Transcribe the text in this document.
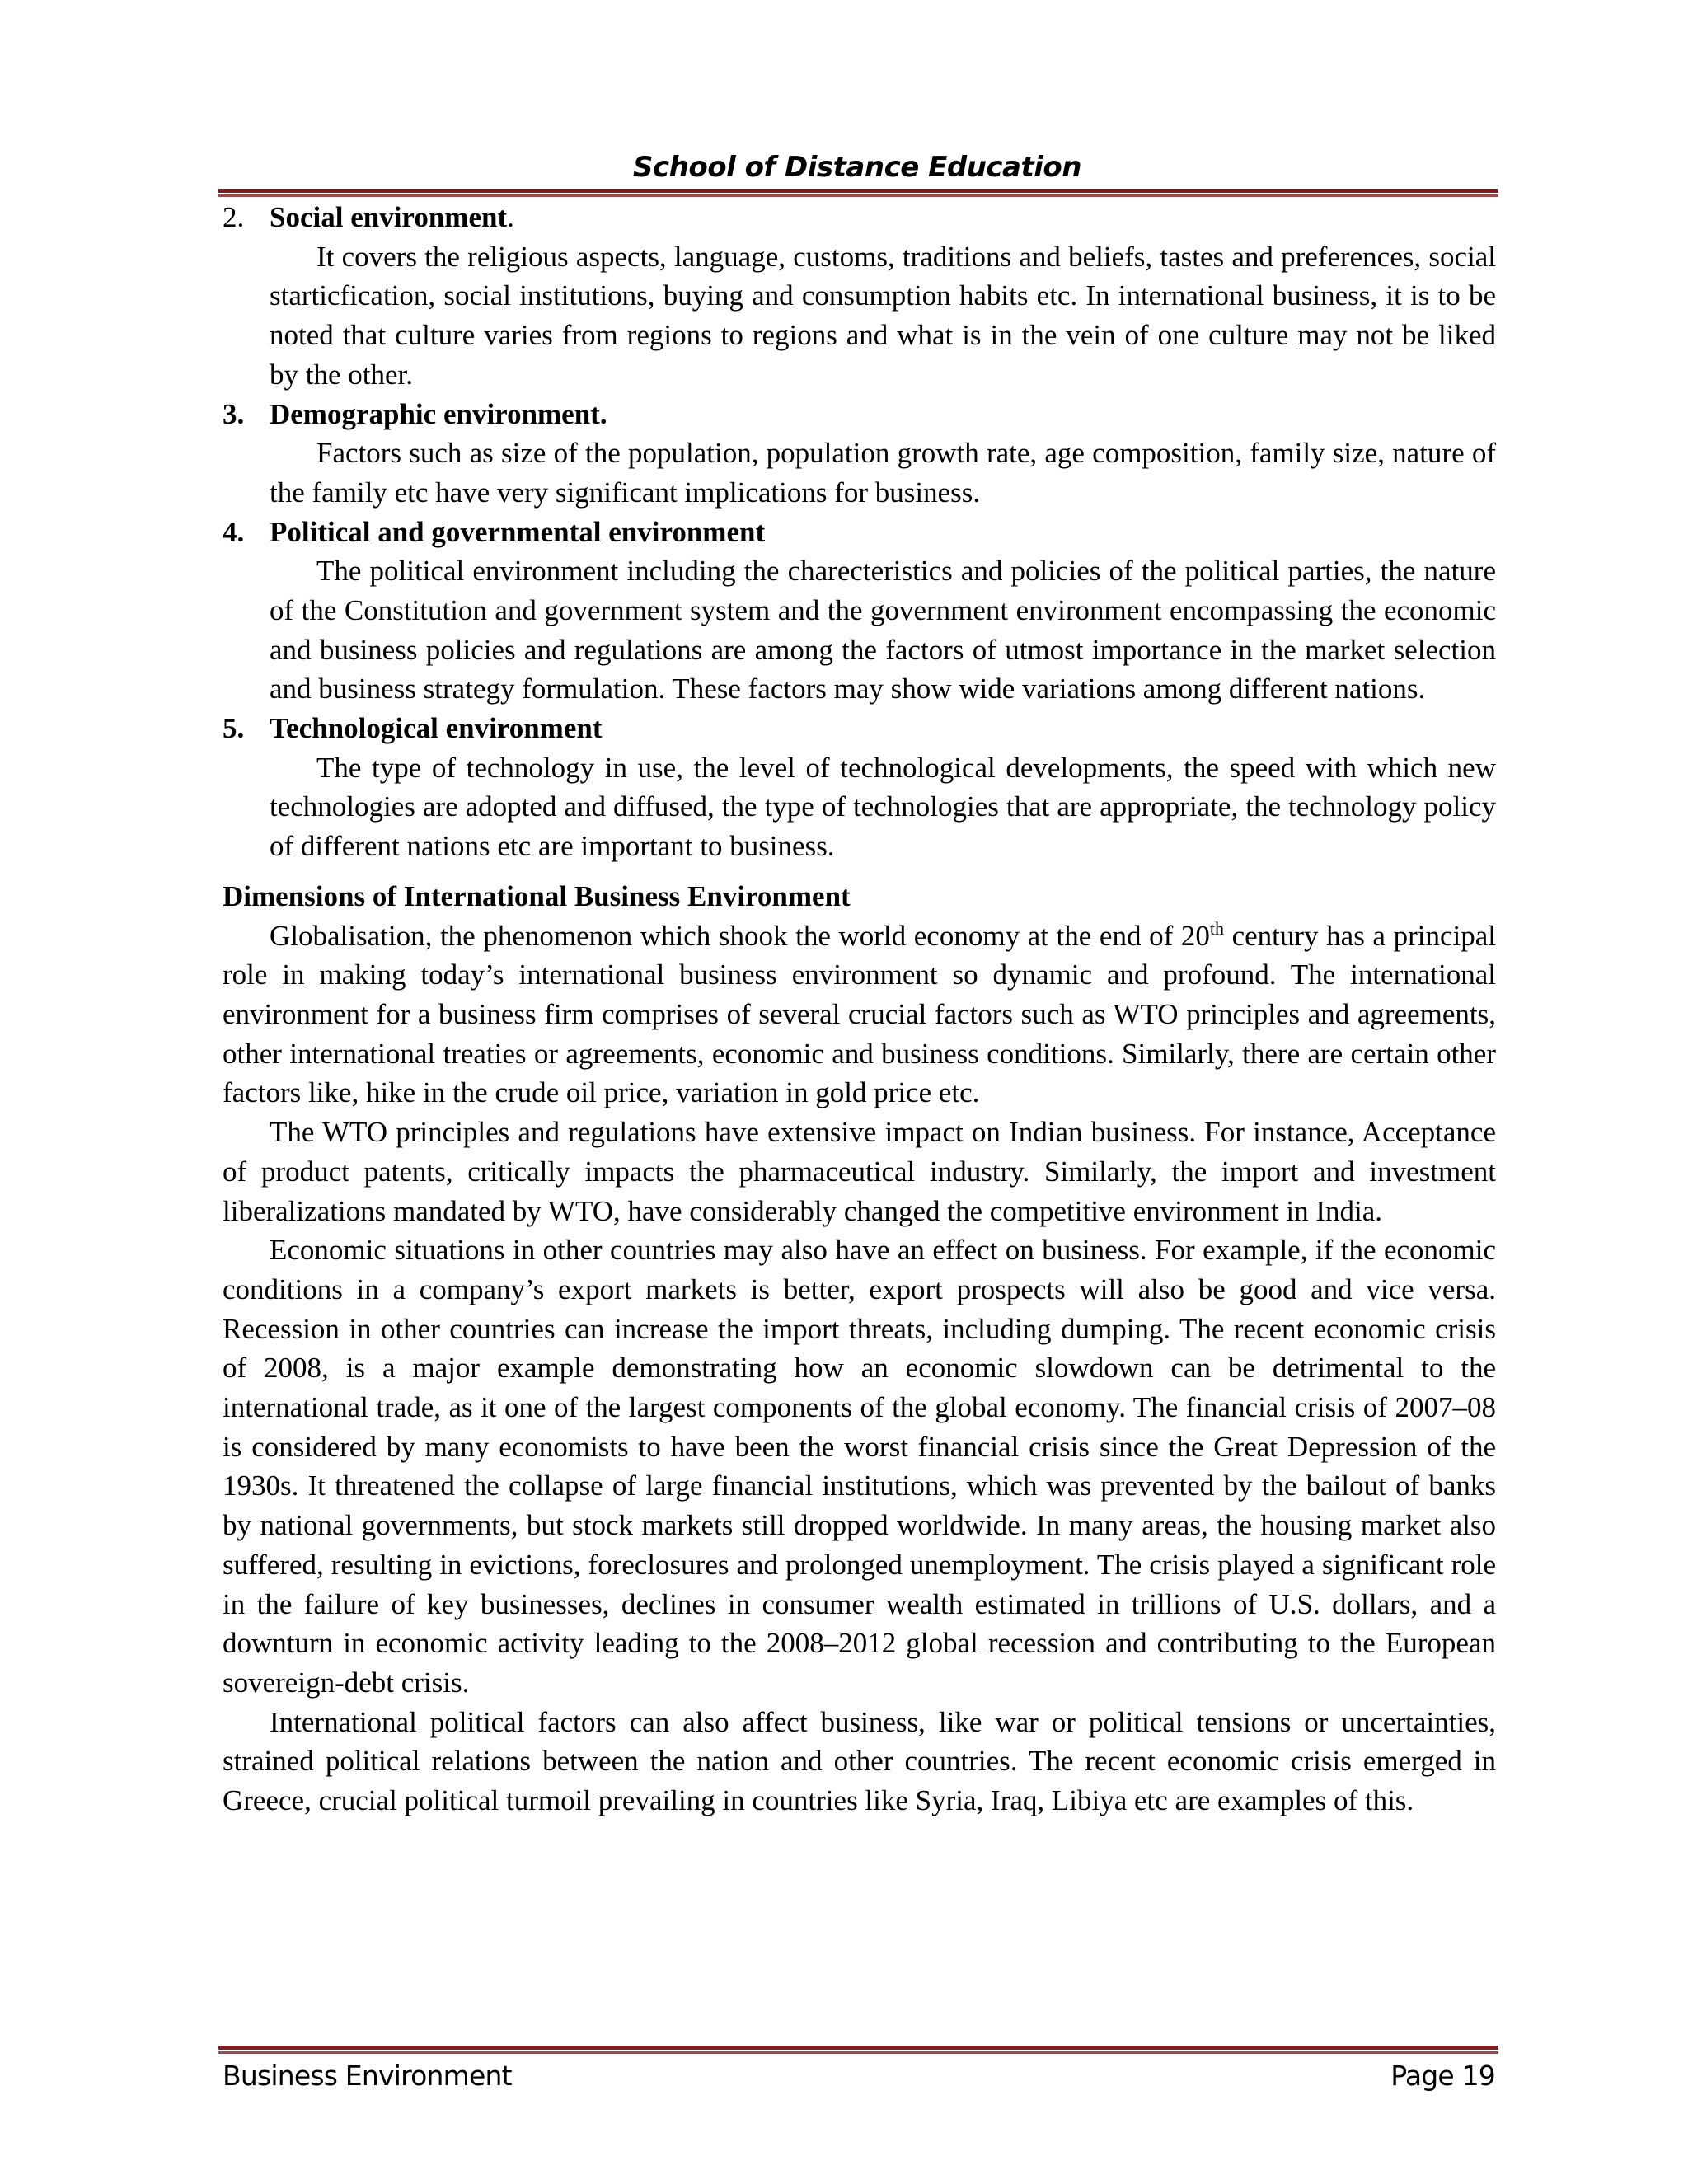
School of Distance Education
2. Social environment.
It covers the religious aspects, language, customs, traditions and beliefs, tastes and preferences, social starticfication, social institutions, buying and consumption habits etc. In international business, it is to be noted that culture varies from regions to regions and what is in the vein of one culture may not be liked by the other.
3. Demographic environment.
Factors such as size of the population, population growth rate, age composition, family size, nature of the family etc have very significant implications for business.
4. Political and governmental environment
The political environment including the charecteristics and policies of the political parties, the nature of the Constitution and government system and the government environment encompassing the economic and business policies and regulations are among the factors of utmost importance in the market selection and business strategy formulation. These factors may show wide variations among different nations.
5. Technological environment
The type of technology in use, the level of technological developments, the speed with which new technologies are adopted and diffused, the type of technologies that are appropriate, the technology policy of different nations etc are important to business.
Dimensions of International Business Environment
Globalisation, the phenomenon which shook the world economy at the end of 20th century has a principal role in making today’s international business environment so dynamic and profound. The international environment for a business firm comprises of several crucial factors such as WTO principles and agreements, other international treaties or agreements, economic and business conditions. Similarly, there are certain other factors like, hike in the crude oil price, variation in gold price etc.
The WTO principles and regulations have extensive impact on Indian business. For instance, Acceptance of product patents, critically impacts the pharmaceutical industry. Similarly, the import and investment liberalizations mandated by WTO, have considerably changed the competitive environment in India.
Economic situations in other countries may also have an effect on business. For example, if the economic conditions in a company’s export markets is better, export prospects will also be good and vice versa. Recession in other countries can increase the import threats, including dumping. The recent economic crisis of 2008, is a major example demonstrating how an economic slowdown can be detrimental to the international trade, as it one of the largest components of the global economy. The financial crisis of 2007–08 is considered by many economists to have been the worst financial crisis since the Great Depression of the 1930s. It threatened the collapse of large financial institutions, which was prevented by the bailout of banks by national governments, but stock markets still dropped worldwide. In many areas, the housing market also suffered, resulting in evictions, foreclosures and prolonged unemployment. The crisis played a significant role in the failure of key businesses, declines in consumer wealth estimated in trillions of U.S. dollars, and a downturn in economic activity leading to the 2008–2012 global recession and contributing to the European sovereign-debt crisis.
International political factors can also affect business, like war or political tensions or uncertainties, strained political relations between the nation and other countries. The recent economic crisis emerged in Greece, crucial political turmoil prevailing in countries like Syria, Iraq, Libiya etc are examples of this.
Business Environment	Page 19
